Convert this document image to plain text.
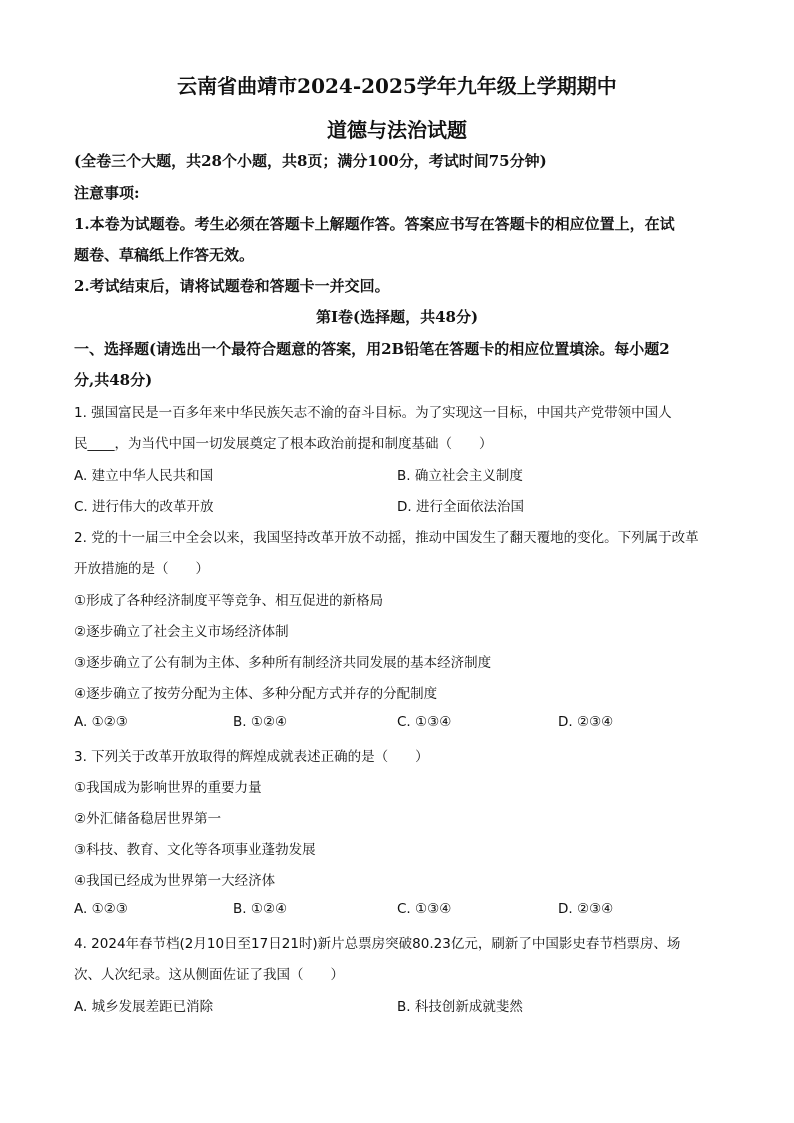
云南省曲靖市2024-2025学年九年级上学期期中
道德与法治试题
(全卷三个大题，共28个小题，共8页；满分100分，考试时间75分钟)
注意事项:
1.本卷为试题卷。考生必须在答题卡上解题作答。答案应书写在答题卡的相应位置上，在试
题卷、草稿纸上作答无效。
2.考试结束后，请将试题卷和答题卡一并交回。
第Ⅰ卷(选择题，共48分)
一、选择题(请选出一个最符合题意的答案，用2B铅笔在答题卡的相应位置填涂。每小题2
分,共48分)
1. 强国富民是一百多年来中华民族矢志不渝的奋斗目标。为了实现这一目标，中国共产党带领中国人
民____，为当代中国一切发展奠定了根本政治前提和制度基础（　　）
A. 建立中华人民共和国	B. 确立社会主义制度
C. 进行伟大的改革开放	D. 进行全面依法治国
2. 党的十一届三中全会以来，我国坚持改革开放不动摇，推动中国发生了翻天覆地的变化。下列属于改革
开放措施的是（　　）
①形成了各种经济制度平等竞争、相互促进的新格局
②逐步确立了社会主义市场经济体制
③逐步确立了公有制为主体、多种所有制经济共同发展的基本经济制度
④逐步确立了按劳分配为主体、多种分配方式并存的分配制度
A. ①②③	B. ①②④	C. ①③④	D. ②③④
3. 下列关于改革开放取得的辉煌成就表述正确的是（　　）
①我国成为影响世界的重要力量
②外汇储备稳居世界第一
③科技、教育、文化等各项事业蓬勃发展
④我国已经成为世界第一大经济体
A. ①②③	B. ①②④	C. ①③④	D. ②③④
4. 2024年春节档(2月10日至17日21时)新片总票房突破80.23亿元，刷新了中国影史春节档票房、场
次、人次纪录。这从侧面佐证了我国（　　）
A. 城乡发展差距已消除	B. 科技创新成就斐然
